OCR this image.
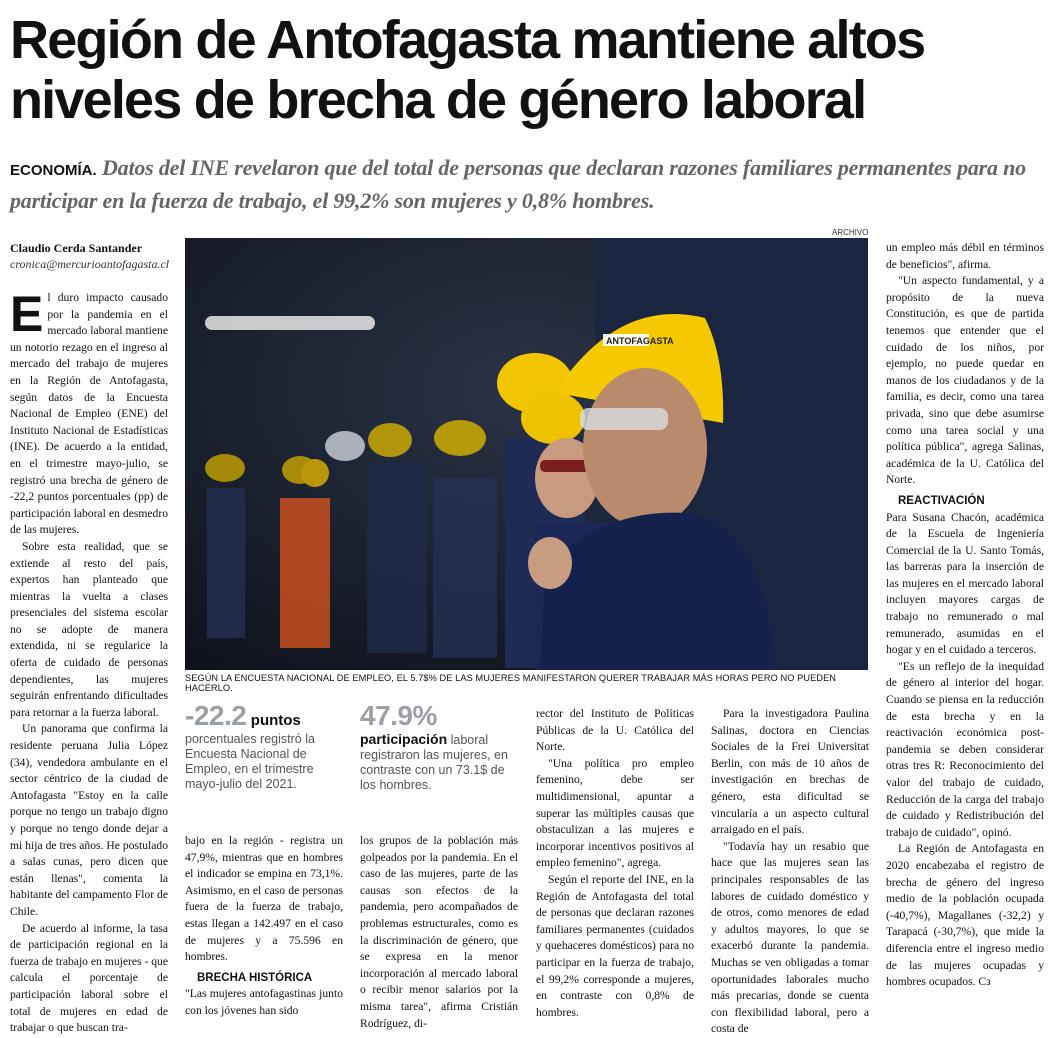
Región de Antofagasta mantiene altos niveles de brecha de género laboral
ECONOMÍA. Datos del INE revelaron que del total de personas que declaran razones familiares permanentes para no participar en la fuerza de trabajo, el 99,2% son mujeres y 0,8% hombres.
Claudio Cerda Santander
cronica@mercurioantofagasta.cl

El duro impacto causado por la pandemia en el mercado laboral mantiene un notorio rezago en el ingreso al mercado del trabajo de mujeres en la Región de Antofagasta, según datos de la Encuesta Nacional de Empleo (ENE) del Instituto Nacional de Estadísticas (INE). De acuerdo a la entidad, en el trimestre mayo-julio, se registró una brecha de género de -22,2 puntos porcentuales (pp) de participación laboral en desmedro de las mujeres.

Sobre esta realidad, que se extiende al resto del país, expertos han planteado que mientras la vuelta a clases presenciales del sistema escolar no se adopte de manera extendida, ni se regularice la oferta de cuidado de personas dependientes, las mujeres seguirán enfrentando dificultades para retornar a la fuerza laboral.

Un panorama que confirma la residente peruana Julia López (34), vendedora ambulante en el sector céntrico de la ciudad de Antofagasta "Estoy en la calle porque no tengo un trabajo digno y porque no tengo donde dejar a mi hija de tres años. He postulado a salas cunas, pero dicen que están llenas", comenta la habitante del campamento Flor de Chile.

De acuerdo al informe, la tasa de participación regional en la fuerza de trabajo en mujeres - que calcula el porcentaje de participación laboral sobre el total de mujeres en edad de trabajar o que buscan tra-

ARCHIVO
ANTOFAGASTA
SEGÚN LA ENCUESTA NACIONAL DE EMPLEO, EL 5.7$% DE LAS MUJERES MANIFESTARON QUERER TRABAJAR MÁS HORAS PERO NO PUEDEN HACERLO.
-22.2 puntos
porcentuales registró la Encuesta Nacional de Empleo, en el trimestre mayo-julio del 2021.
47.9%
participación laboral registraron las mujeres, en contraste con un 73.1$ de los hombres.

bajo en la región - registra un 47,9%, mientras que en hombres el indicador se empina en 73,1%. Asimismo, en el caso de personas fuera de la fuerza de trabajo, estas llegan a 142.497 en el caso de mujeres y a 75.596 en hombres.

BRECHA HISTÓRICA

"Las mujeres antofagastinas junto con los jóvenes han sido

los grupos de la población más golpeados por la pandemia. En el caso de las mujeres, parte de las causas son efectos de la pandemia, pero acompañados de problemas estructurales, como es la discriminación de género, que se expresa en la menor incorporación al mercado laboral o recibir menor salarios por la misma tarea", afirma Cristián Rodríguez, di-

rector del Instituto de Políticas Públicas de la U. Católica del Norte.

"Una política pro empleo femenino, debe ser multidimensional, apuntar a superar las múltiples causas que obstaculizan a las mujeres e incorporar incentivos positivos al empleo femenino", agrega.

Según el reporte del INE, en la Región de Antofagasta del total de personas que declaran razones familiares permanentes (cuidados y quehaceres domésticos) para no participar en la fuerza de trabajo, el 99,2% corresponde a mujeres, en contraste con 0,8% de hombres.

Para la investigadora Paulina Salinas, doctora en Ciencias Sociales de la Frei Universitat Berlin, con más de 10 años de investigación en brechas de género, esta dificultad se vincularía a un aspecto cultural arraigado en el país.

"Todavía hay un resabio que hace que las mujeres sean las principales responsables de las labores de cuidado doméstico y de otros, como menores de edad y adultos mayores, lo que se exacerbó durante la pandemia. Muchas se ven obligadas a tomar oportunidades laborales mucho más precarias, donde se cuenta con flexibilidad laboral, pero a costa de

un empleo más débil en términos de beneficios", afirma.

"Un aspecto fundamental, y a propósito de la nueva Constitución, es que de partida tenemos que entender que el cuidado de los niños, por ejemplo, no puede quedar en manos de los ciudadanos y de la familia, es decir, como una tarea privada, sino que debe asumirse como una tarea social y una política pública", agrega Salinas, académica de la U. Católica del Norte.

REACTIVACIÓN

Para Susana Chacón, académica de la Escuela de Ingeniería Comercial de la U. Santo Tomás, las barreras para la inserción de las mujeres en el mercado laboral incluyen mayores cargas de trabajo no remunerado o mal remunerado, asumidas en el hogar y en el cuidado a terceros.

"Es un reflejo de la inequidad de género al interior del hogar. Cuando se piensa en la reducción de esta brecha y en la reactivación económica post-pandemia se deben considerar otras tres R: Reconocimiento del valor del trabajo de cuidado, Reducción de la carga del trabajo de cuidado y Redistribución del trabajo de cuidado", opinó.

La Región de Antofagasta en 2020 encabezaba el registro de brecha de género del ingreso medio de la población ocupada (-40,7%), Magallanes (-32,2) y Tarapacá (-30,7%), que mide la diferencia entre el ingreso medio de las mujeres ocupadas y hombres ocupados. Cз
